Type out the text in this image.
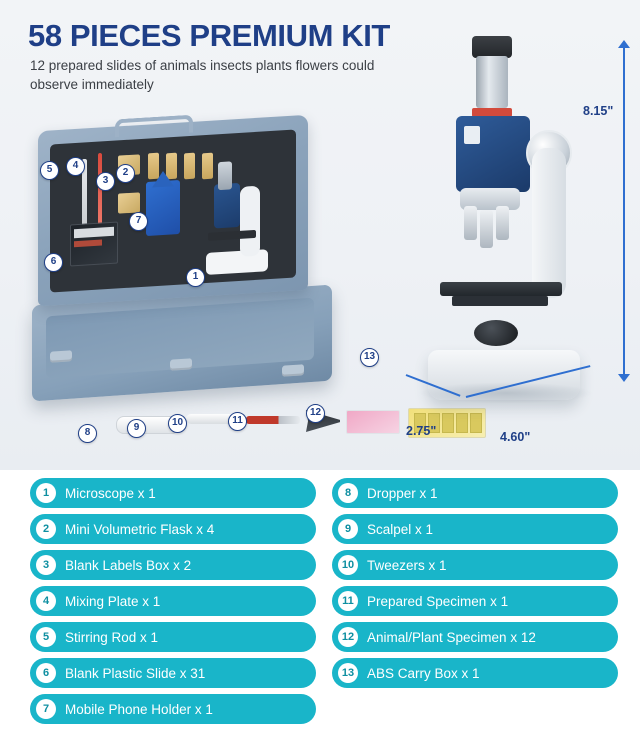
58 PIECES PREMIUM KIT
12 prepared slides of animals insects plants flowers could observe immediately
8.15"
2.75"	4.60"
1
2
3
4
5
6
7
8	9	10	11
12
13
1	Microscope x 1
2	Mini Volumetric Flask x 4
3	Blank Labels Box x 2
4	Mixing Plate x 1
5	Stirring Rod x 1
6	Blank Plastic Slide x 31
7	Mobile Phone Holder x 1
8	Dropper x 1
9	Scalpel x 1
10 Tweezers x 1
11 Prepared Specimen x 1
12 Animal/Plant Specimen x 12
13 ABS Carry Box x 1
